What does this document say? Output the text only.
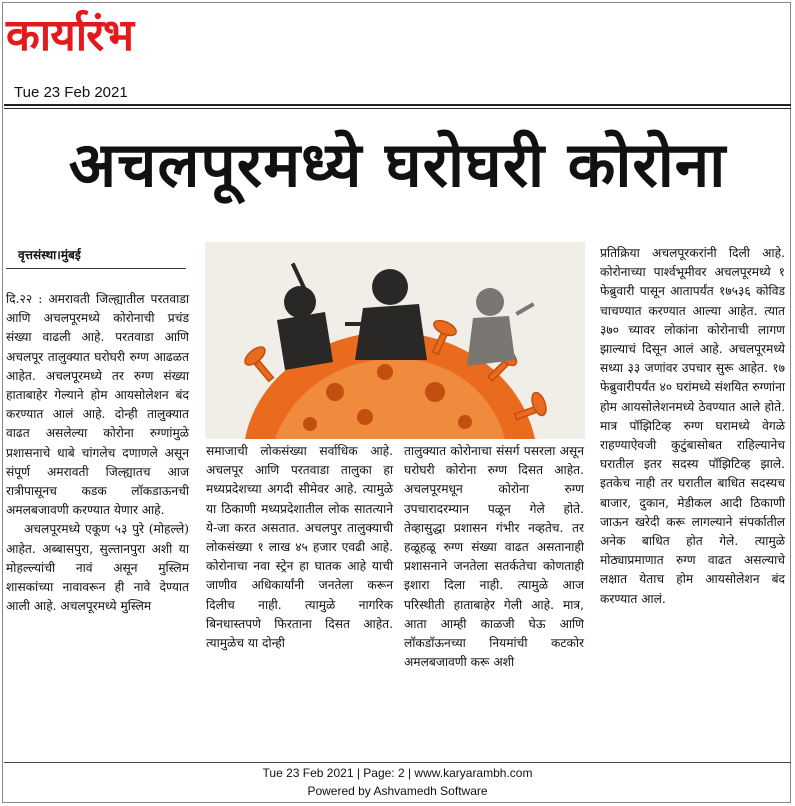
कार्यारंभ
Tue 23 Feb 2021
अचलपूरमध्ये घरोघरी कोरोना
वृत्तसंस्था।मुंबई

दि.२२ : अमरावती जिल्ह्यातील परतवाडा आणि अचलपूरमध्ये कोरोनाची प्रचंड संख्या वाढली आहे. परतवाडा आणि अचलपूर तालुक्यात घरोघरी रुग्ण आढळत आहेत. अचलपूरमध्ये तर रुग्ण संख्या हाताबाहेर गेल्याने होम आयसोलेशन बंद करण्यात आलं आहे. दोन्ही तालुक्यात वाढत असलेल्या कोरोना रुग्णांमुळे प्रशासनाचे धाबे चांगलेच दणाणले असून संपूर्ण अमरावती जिल्ह्यातच आज रात्रीपासूनच कडक लॉकडाऊनची अमलबजावणी करण्यात येणार आहे.

अचलपूरमध्ये एकूण ५३ पुरे (मोहल्ले) आहेत. अब्बासपुरा, सुल्तानपुरा अशी या मोहल्ल्यांची नावं असून मुस्लिम शासकांच्या नावावरून ही नावे देण्यात आली आहे. अचलपूरमध्ये मुस्लिम

समाजाची लोकसंख्या सर्वाधिक आहे. अचलपूर आणि परतवाडा तालुका हा मध्यप्रदेशच्या अगदी सीमेवर आहे. त्यामुळे या ठिकाणी मध्यप्रदेशातील लोक सातत्याने ये-जा करत असतात. अचलपुर तालुक्याची लोकसंख्या १ लाख ४५ हजार एवढी आहे. कोरोनाचा नवा स्ट्रेन हा घातक आहे याची जाणीव अधिकार्यांनी जनतेला करून दिलीच नाही. त्यामुळे नागरिक बिनधास्तपणे फिरताना दिसत आहेत. त्यामुळेच या दोन्ही

तालुक्यात कोरोनाचा संसर्ग पसरला असून घरोघरी कोरोना रुग्ण दिसत आहेत. अचलपूरमधून कोरोना रुग्ण उपचारादरम्यान पळून गेले होते. तेव्हासुद्धा प्रशासन गंभीर नव्हतेच. तर हळूहळू रुग्ण संख्या वाढत असतानाही प्रशासनाने जनतेला सतर्कतेचा कोणताही इशारा दिला नाही. त्यामुळे आज परिस्थीती हाताबाहेर गेली आहे. मात्र, आता आम्ही काळजी घेऊ आणि लॉकडॉऊनच्या नियमांची कटकोर अमलबजावणी करू अशी

प्रतिक्रिया अचलपूरकरांनी दिली आहे. कोरोनाच्या पार्श्वभूमीवर अचलपूरमध्ये १ फेब्रुवारी पासून आतापर्यंत १७५३६ कोविड चाचण्यात करण्यात आल्या आहेत. त्यात ३७० च्यावर लोकांना कोरोनाची लागण झाल्याचं दिसून आलं आहे. अचलपूरमध्ये सध्या ३३ जणांवर उपचार सुरू आहेत. १७ फेब्रुवारीपर्यंत ४० घरांमध्ये संशयित रुग्णांना होम आयसोलेशनमध्ये ठेवण्यात आले होते. मात्र पॉझिटिव्ह रुग्ण घरामध्ये वेगळे राहण्याऐवजी कुटुंबासोबत राहिल्यानेच घरातील इतर सदस्य पॉझिटिव्ह झाले. इतकेच नाही तर घरातील बाधित सदस्यच बाजार, दुकान, मेडीकल आदी ठिकाणी जाऊन खरेदी करू लागल्याने संपर्कातील अनेक बाधित होत गेले. त्यामुळे मोठ्याप्रमाणात रुग्ण वाढत असल्याचे लक्षात येताच होम आयसोलेशन बंद करण्यात आलं.

Tue 23 Feb 2021 | Page: 2 | www.karyarambh.com
Powered by Ashvamedh Software
